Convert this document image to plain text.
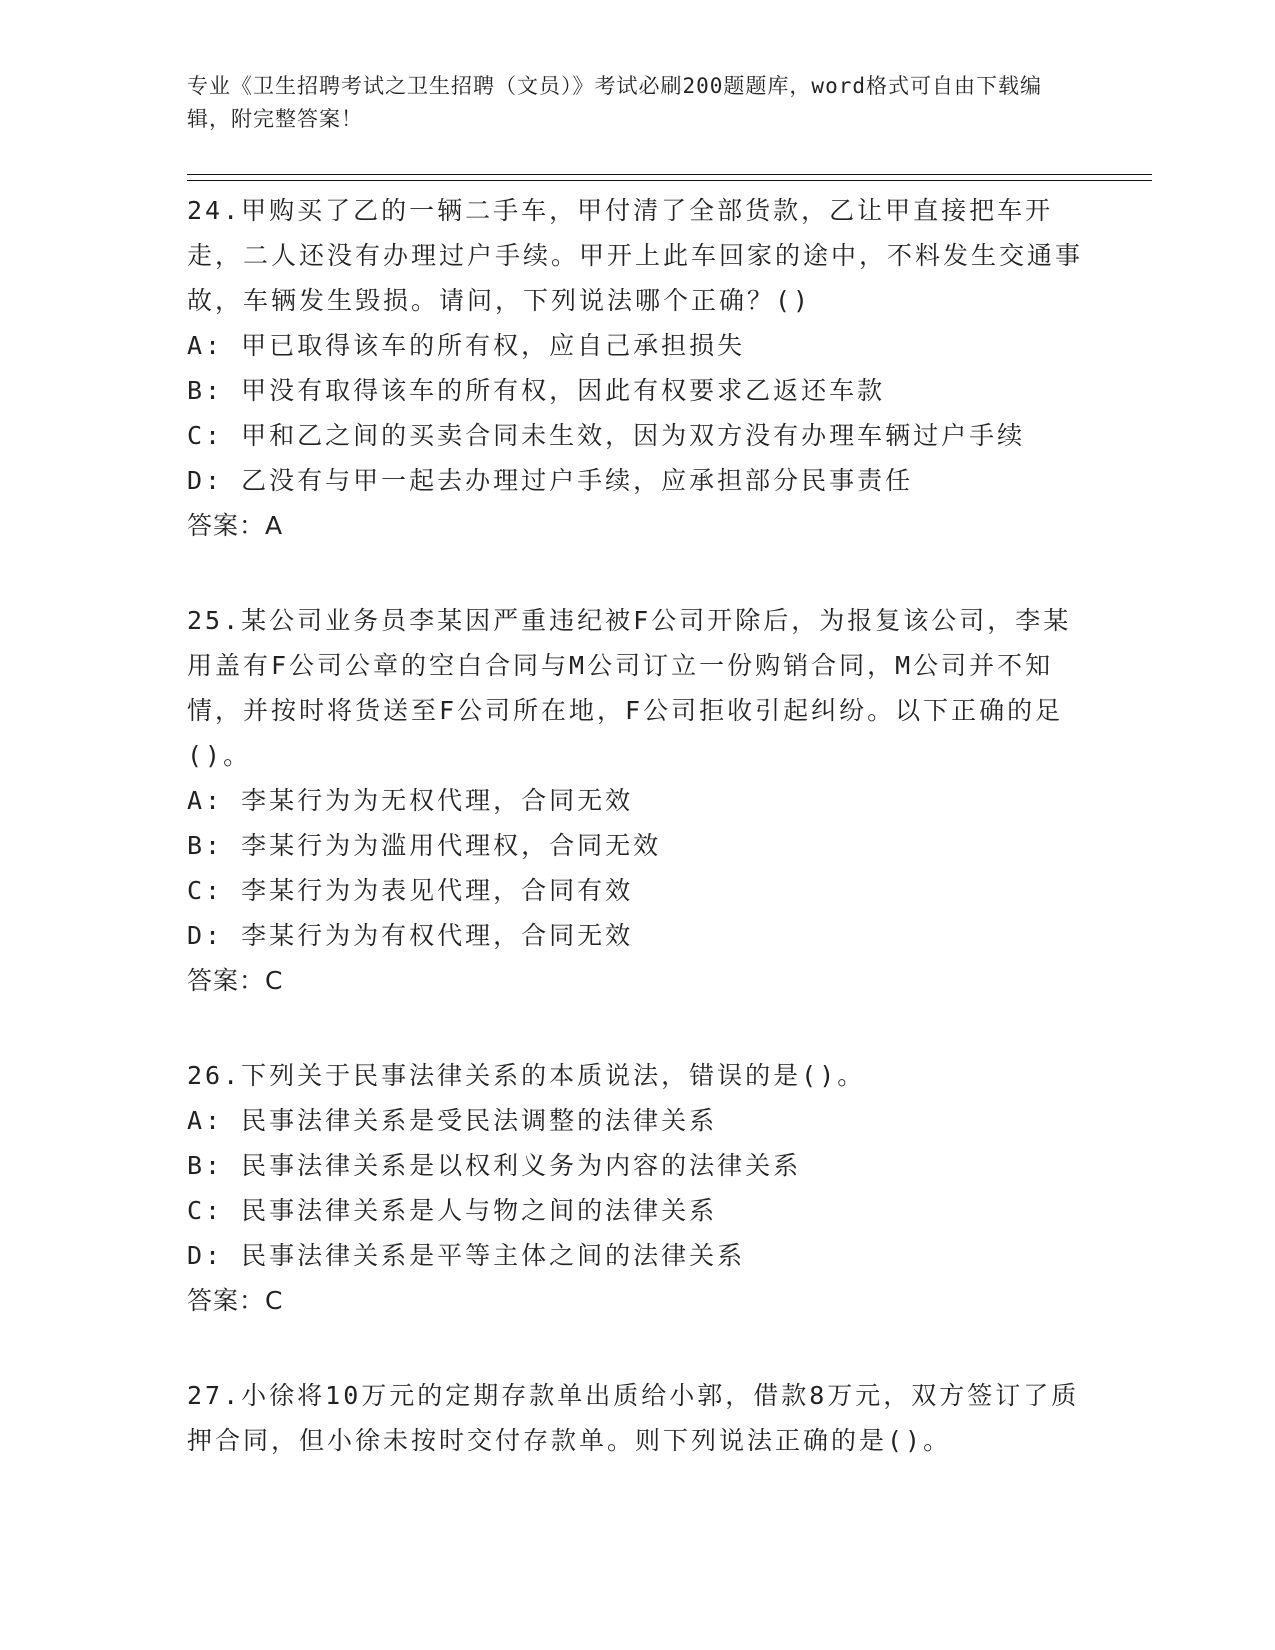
专业《卫生招聘考试之卫生招聘（文员）》考试必刷200题题库，word格式可自由下载编辑，附完整答案！

24.甲购买了乙的一辆二手车，甲付清了全部货款，乙让甲直接把车开走，二人还没有办理过户手续。甲开上此车回家的途中，不料发生交通事故，车辆发生毁损。请问，下列说法哪个正确？()

A: 甲已取得该车的所有权，应自己承担损失

B: 甲没有取得该车的所有权，因此有权要求乙返还车款

C: 甲和乙之间的买卖合同未生效，因为双方没有办理车辆过户手续

D: 乙没有与甲一起去办理过户手续，应承担部分民事责任

答案：A

25.某公司业务员李某因严重违纪被F公司开除后，为报复该公司，李某用盖有F公司公章的空白合同与M公司订立一份购销合同，M公司并不知情，并按时将货送至F公司所在地，F公司拒收引起纠纷。以下正确的足()。

A: 李某行为为无权代理，合同无效

B: 李某行为为滥用代理权，合同无效

C: 李某行为为表见代理，合同有效

D: 李某行为为有权代理，合同无效

答案：C

26.下列关于民事法律关系的本质说法，错误的是()。

A: 民事法律关系是受民法调整的法律关系

B: 民事法律关系是以权利义务为内容的法律关系

C: 民事法律关系是人与物之间的法律关系

D: 民事法律关系是平等主体之间的法律关系

答案：C

27.小徐将10万元的定期存款单出质给小郭，借款8万元，双方签订了质押合同，但小徐未按时交付存款单。则下列说法正确的是()。
